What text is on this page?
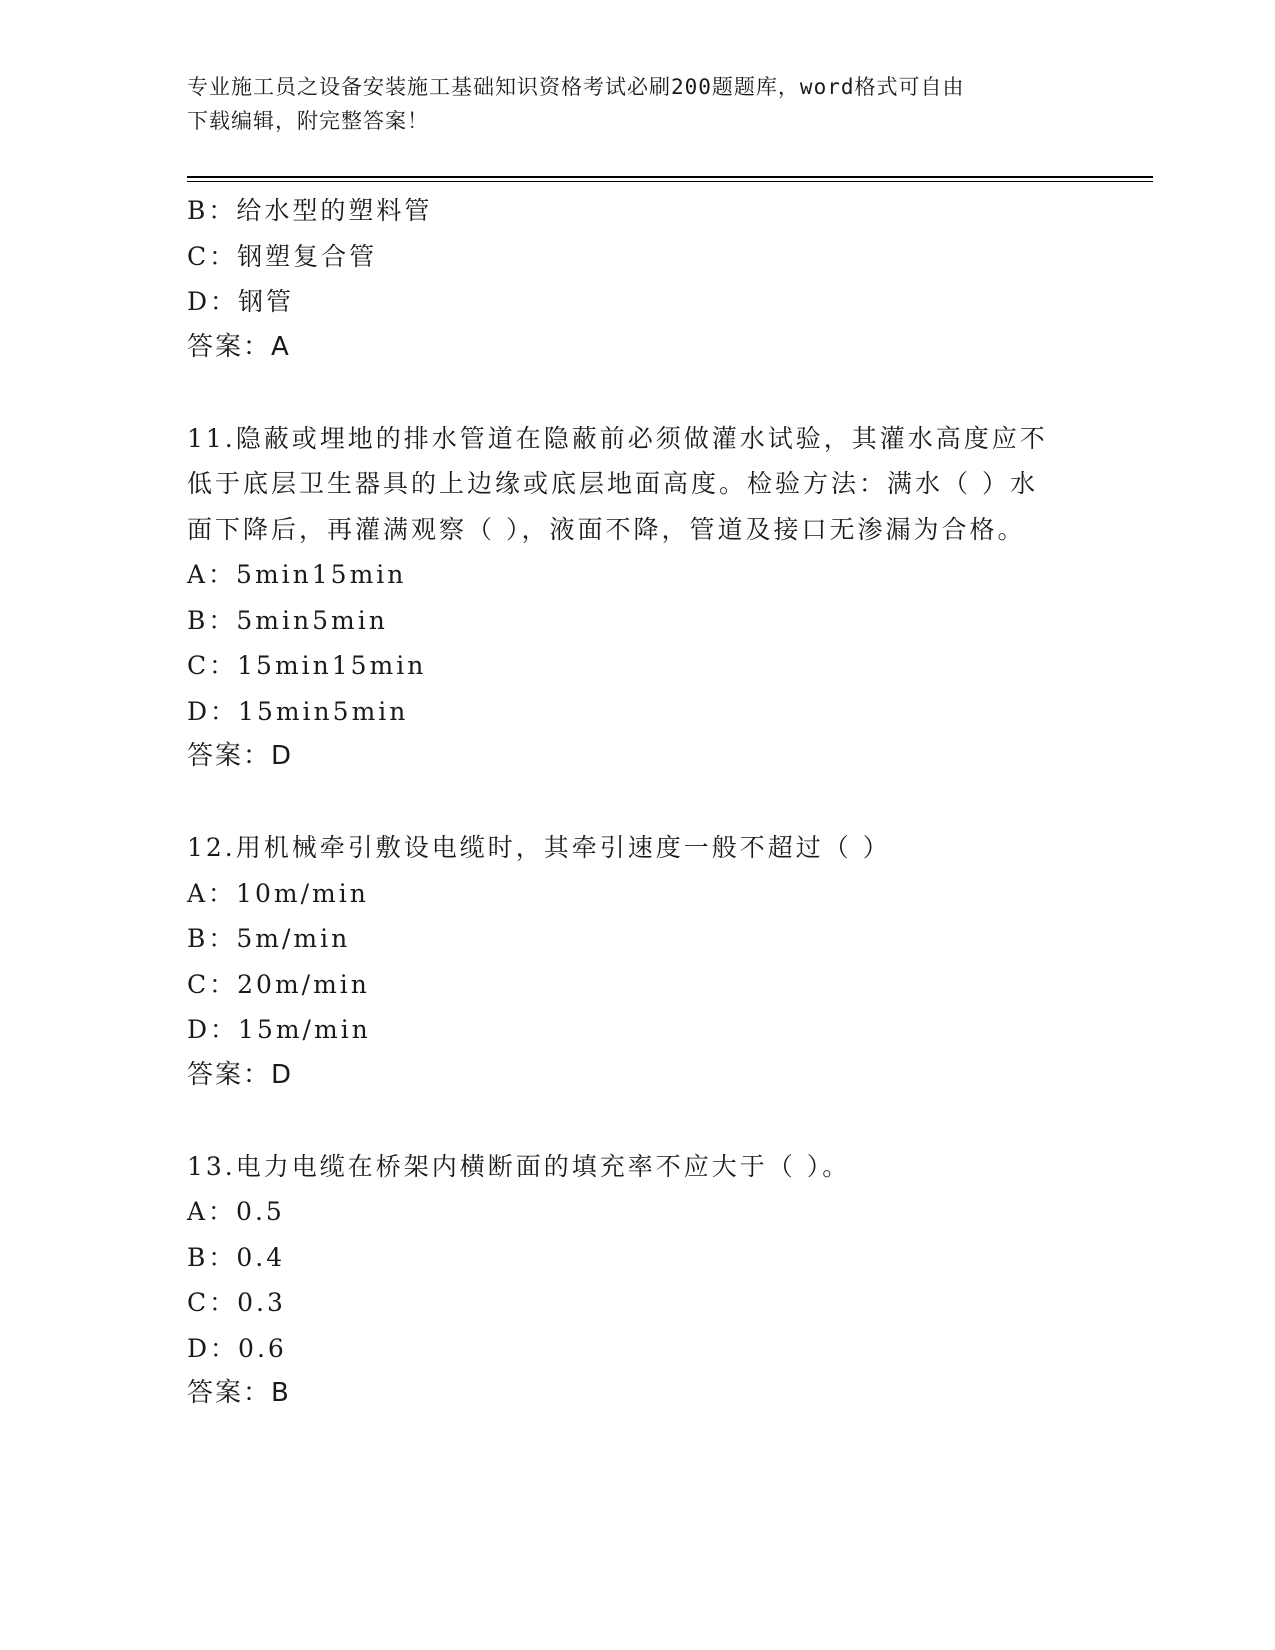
专业施工员之设备安装施工基础知识资格考试必刷200题题库，word格式可自由
下载编辑，附完整答案！
B：给水型的塑料管
C：钢塑复合管
D：钢管
答案：A
11.隐蔽或埋地的排水管道在隐蔽前必须做灌水试验，其灌水高度应不
低于底层卫生器具的上边缘或底层地面高度。检验方法：满水（ ）水
面下降后，再灌满观察（ ），液面不降，管道及接口无渗漏为合格。
A：5min15min
B：5min5min
C：15min15min
D：15min5min
答案：D
12.用机械牵引敷设电缆时，其牵引速度一般不超过（ ）
A：10m/min
B：5m/min
C：20m/min
D：15m/min
答案：D
13.电力电缆在桥架内横断面的填充率不应大于（ ）。
A：0.5
B：0.4
C：0.3
D：0.6
答案：B
